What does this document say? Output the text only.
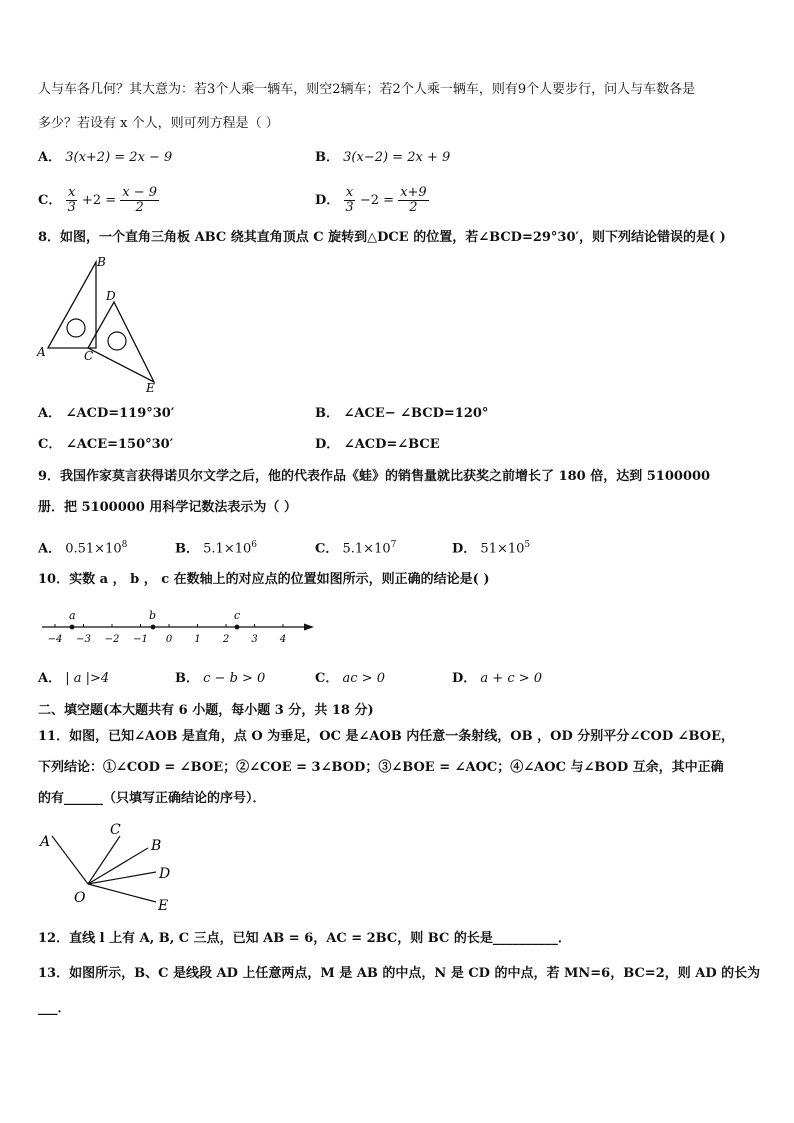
人与车各几何？其大意为：若3个人乘一辆车，则空2辆车；若2个人乘一辆车，则有9个人要步行，问人与车数各是
多少？若设有 x 个人，则可列方程是（ ）
A． 3(x+2) = 2x − 9	B． 3(x−2) = 2x + 9
C． $\frac{x}{3} +2 = \frac{x - 9}{2}$	D． $\frac{x}{3} -2 = \frac{x+9}{2}$
8．如图，一个直角三角板 ABC 绕其直角顶点 C 旋转到△DCE 的位置，若∠BCD=29°30′，则下列结论错误的是( )
A
B
C
D
E
A． ∠ACD=119°30′	B． ∠ACE− ∠BCD=120°
C． ∠ACE=150°30′	D． ∠ACD=∠BCE
9．我国作家莫言获得诺贝尔文学之后，他的代表作品《蛙》的销售量就比获奖之前增长了 180 倍，达到 5100000
册．把 5100000 用科学记数法表示为（ ）
A． $0.51\times 10^8$	B． $5.1\times 10^6$	C． $5.1\times 10^7$	D． $51\times 10^5$
10．实数 a ， b ， c 在数轴上的对应点的位置如图所示，则正确的结论是( )
−4 −3 −2 −1 0 1 2 3 4
a	b	c
A． | a |>4	B． c − b > 0	C． ac > 0	D． a + c > 0
二、填空题(本大题共有 6 小题，每小题 3 分，共 18 分)
11．如图，已知∠AOB 是直角，点 O 为垂足，OC 是∠AOB 内任意一条射线，OB ，OD 分别平分∠COD ∠BOE，
下列结论：①∠COD = ∠BOE；②∠COE = 3∠BOD；③∠BOE = ∠AOC；④∠AOC 与∠BOD 互余，其中正确
的有______（只填写正确结论的序号）．
A
C
B
D
E
O
12．直线 l 上有 A, B, C 三点，已知 AB = 6，AC = 2BC，则 BC 的长是__________．
13．如图所示，B、C 是线段 AD 上任意两点，M 是 AB 的中点，N 是 CD 的中点，若 MN=6，BC=2，则 AD 的长为
___．
